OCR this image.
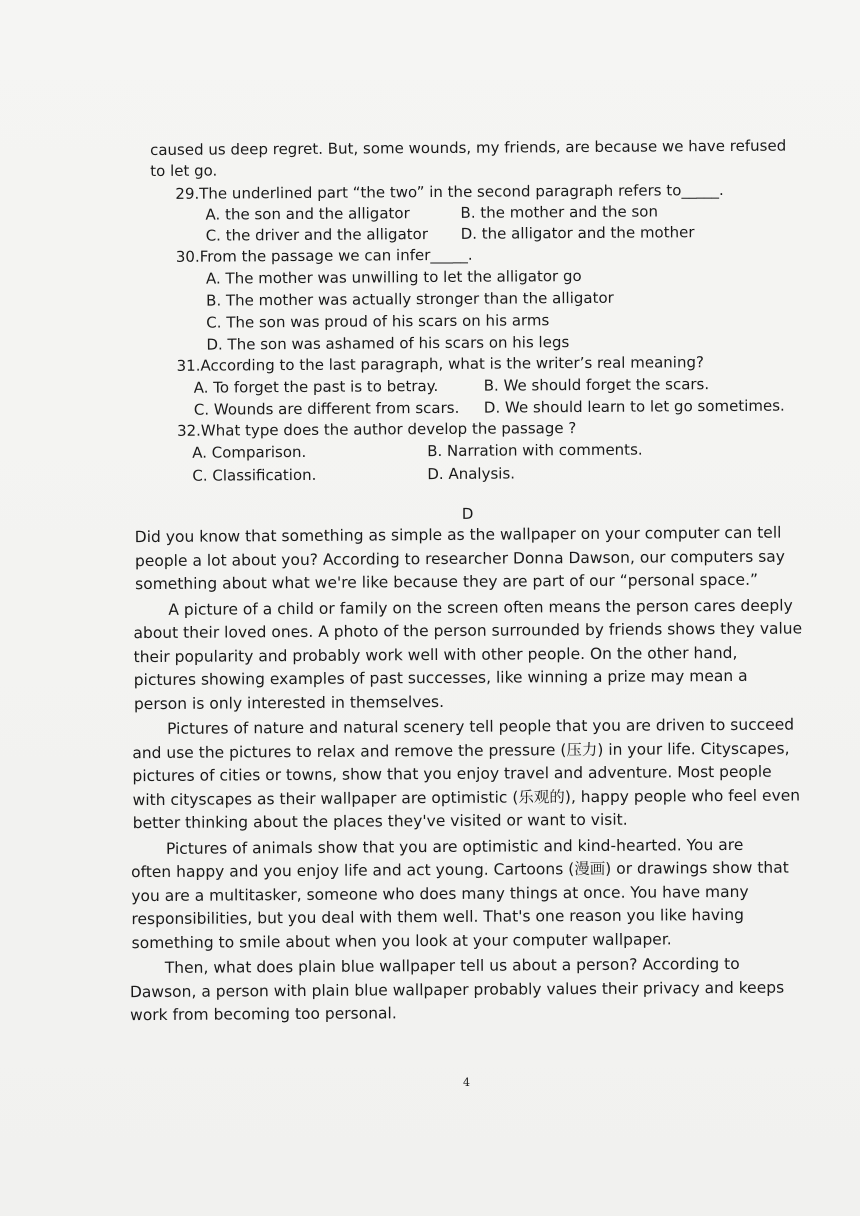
caused us deep regret. But, some wounds, my friends, are because we have refused
to let go.
29.The underlined part “the two” in the second paragraph refers to_____.
A. the son and the alligator	B. the mother and the son
C. the driver and the alligator	D. the alligator and the mother
30.From the passage we can infer_____.
A. The mother was unwilling to let the alligator go
B. The mother was actually stronger than the alligator
C. The son was proud of his scars on his arms
D. The son was ashamed of his scars on his legs
31.According to the last paragraph, what is the writer’s real meaning?
A. To forget the past is to betray.	B. We should forget the scars.
C. Wounds are different from scars.	D. We should learn to let go sometimes.
32.What type does the author develop the passage ?
A. Comparison.	B. Narration with comments.
C. Classification.	D. Analysis.
D

Did you know that something as simple as the wallpaper on your computer can tell
people a lot about you? According to researcher Donna Dawson, our computers say
something about what we're like because they are part of our “personal space.”

A picture of a child or family on the screen often means the person cares deeply
about their loved ones. A photo of the person surrounded by friends shows they value
their popularity and probably work well with other people. On the other hand,
pictures showing examples of past successes, like winning a prize may mean a
person is only interested in themselves.

Pictures of nature and natural scenery tell people that you are driven to succeed
and use the pictures to relax and remove the pressure (压力) in your life. Cityscapes,
pictures of cities or towns, show that you enjoy travel and adventure. Most people
with cityscapes as their wallpaper are optimistic (乐观的), happy people who feel even
better thinking about the places they've visited or want to visit.

Pictures of animals show that you are optimistic and kind-hearted. You are
often happy and you enjoy life and act young. Cartoons (漫画) or drawings show that
you are a multitasker, someone who does many things at once. You have many
responsibilities, but you deal with them well. That's one reason you like having
something to smile about when you look at your computer wallpaper.

Then, what does plain blue wallpaper tell us about a person? According to
Dawson, a person with plain blue wallpaper probably values their privacy and keeps
work from becoming too personal.

4
